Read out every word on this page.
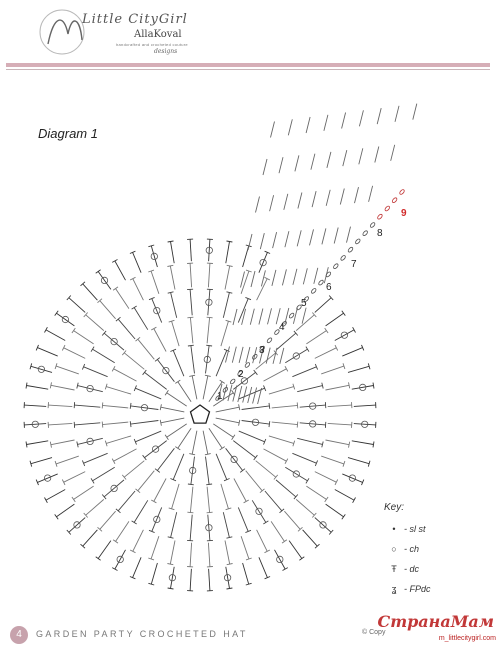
Little CityGirl
AllaKoval
handcrafted and crocheted couture
designs
Diagram 1
1
2
3
4
5
6
7
8
9
Key:
• - sl st
○ - ch
Ŧ - dc
ʓ - FPdc
4	GARDEN PARTY CROCHETED HAT	© Copy
СтранаМам
m_littlecitygirl.com
